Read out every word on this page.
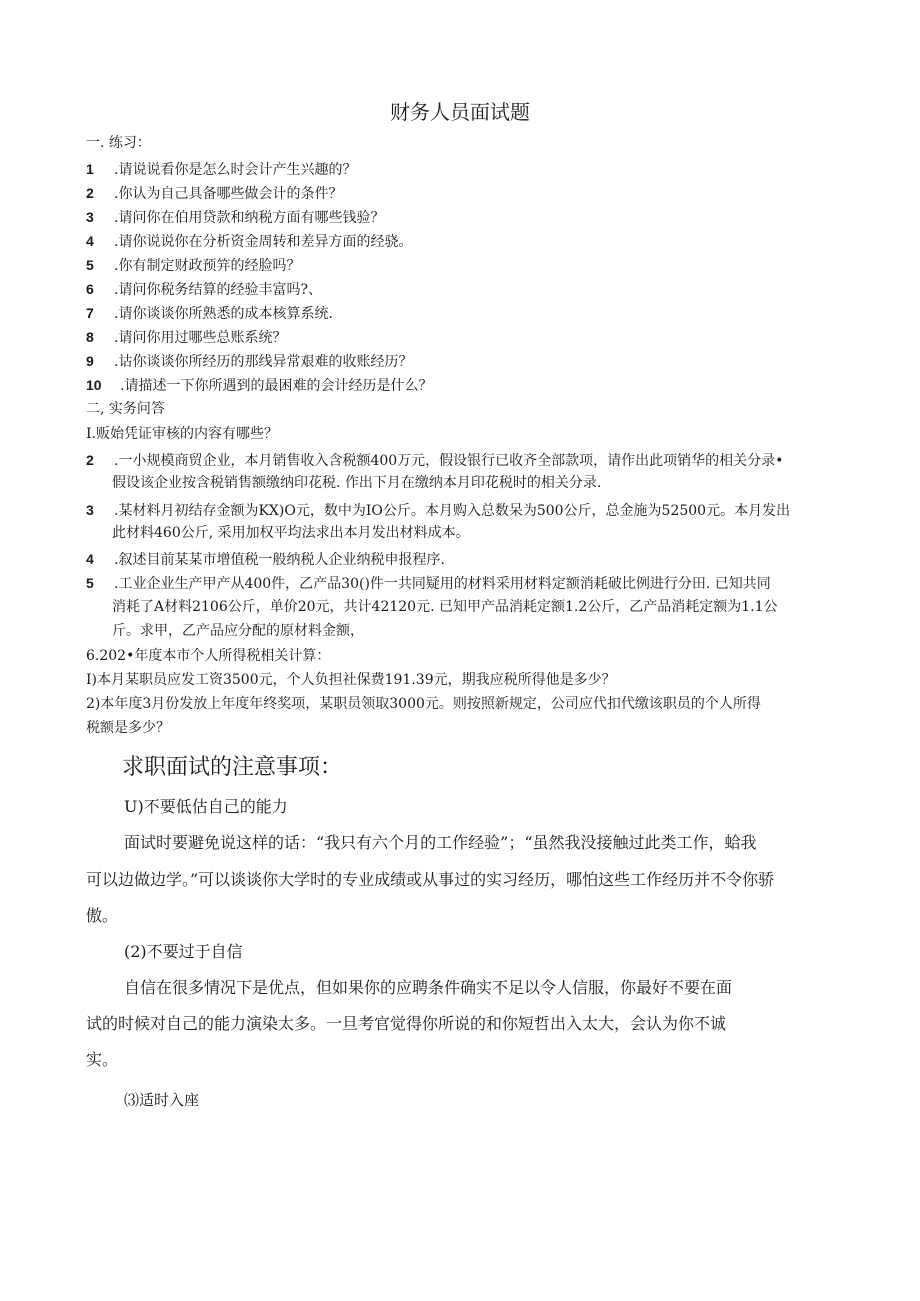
财务人员面试题
一. 练习：
1 .请说说看你是怎么时会计产生兴趣的？
2 .你认为自己具备哪些做会计的条件？
3 .请问你在伯用贷款和纳税方面有哪些钱验？
4 .请你说说你在分析资金周转和差异方面的经骁。
5 .你有制定财政预笄的经脸吗？
6 .请问你税务结算的经验丰富吗?、
7 .请你谈谈你所熟悉的成本核算系统.
8 .请问你用过哪些总账系统？
9 .诂你谈谈你所经历的那线异常艰难的收账经历？
10 .请描述一下你所遇到的最困难的会计经历是什么？
二, 实务问答
I.贩始凭证审核的内容有哪些？
2 .一小规模商贸企业，本月销售收入含税额400万元，假设银行已收齐全部款项，请作出此项销华的相关分录•
假设该企业按含税销售额缴纳印花税. 作出下月在缴纳本月印花税时的相关分录.
3 .某材料月初结存金额为KX)O元，数中为IO公斤。本月购入总数呆为500公斤，总金施为52500元。本月发出
此材料460公斤, 采用加权平均法求出本月发出材料成本。
4 .叙述目前某某市增值税一般纳税人企业纳税申报程序.
5 .工业企业生产甲产从400件，乙产品30()件一共同疑用的材料采用材料定额消耗破比例进行分田. 已知共同
消耗了A材料2106公斤，单价20元，共计42120元. 已知甲产品消耗定额1.2公斤，乙产品消耗定额为1.1公
斤。求甲，乙产品应分配的原材料金额，
6.202•年度本市个人所得税相关计算：
I)本月某职员应发工资3500元，个人负担社保费191.39元，期我应税所得他是多少？
2)本年度3月份发放上年度年终奖项，某职员领取3000元。则按照新规定，公司应代扣代缴该职员的个人所得
税额是多少？
求职面试的注意事项：
U)不要低估自己的能力
面试时要避免说这样的话：“我只有六个月的工作经验”；“虽然我没接触过此类工作，蛤我
可以边做边学。”可以谈谈你大学时的专业成绩或从事过的实习经历，哪怕这些工作经历并不令你骄
傲。
(2)不要过于自信
自信在很多情况下是优点，但如果你的应聘条件确实不足以令人信服，你最好不要在面
试的时候对自己的能力演染太多。一旦考官觉得你所说的和你短哲出入太大，会认为你不诚
实。
⑶适时入座
